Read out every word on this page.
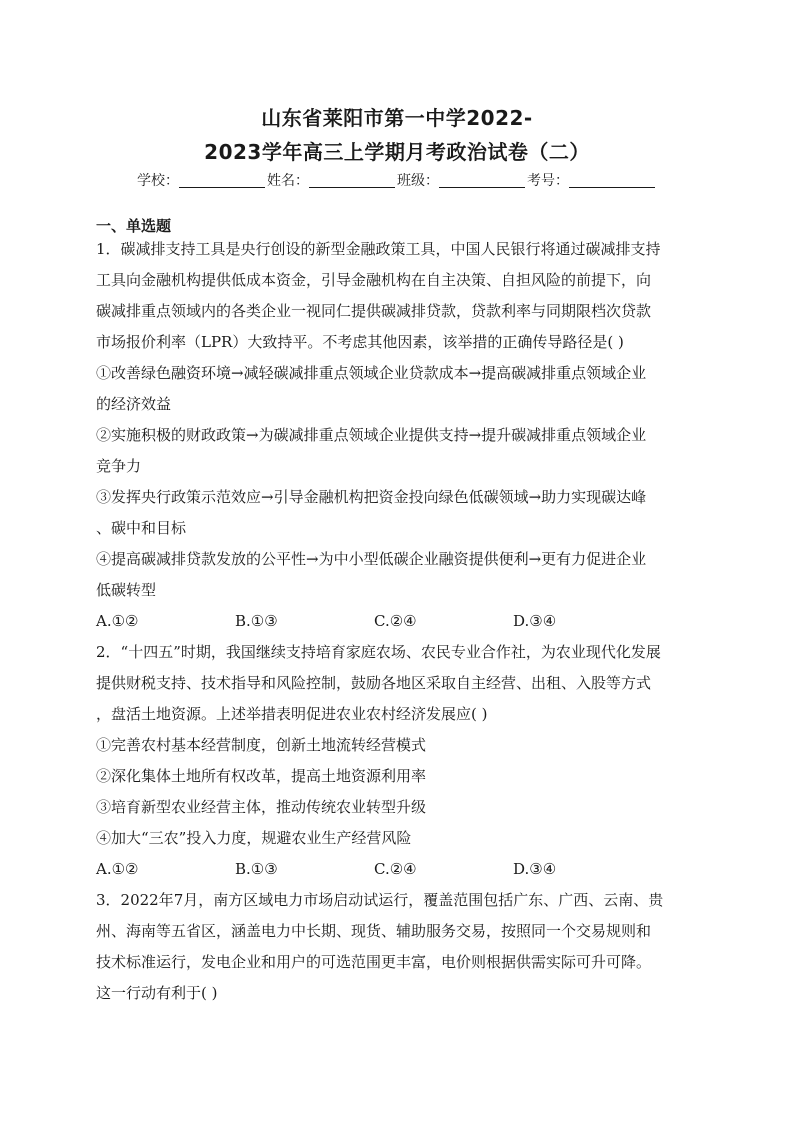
山东省莱阳市第一中学2022-
2023学年高三上学期月考政治试卷（二）
学校：	姓名：	班级：	考号：
一、单选题
1．碳减排支持工具是央行创设的新型金融政策工具，中国人民银行将通过碳减排支持
工具向金融机构提供低成本资金，引导金融机构在自主决策、自担风险的前提下，向
碳减排重点领域内的各类企业一视同仁提供碳减排贷款，贷款利率与同期限档次贷款
市场报价利率（LPR）大致持平。不考虑其他因素，该举措的正确传导路径是( )
①改善绿色融资环境→减轻碳减排重点领域企业贷款成本→提高碳减排重点领域企业
的经济效益
②实施积极的财政政策→为碳减排重点领域企业提供支持→提升碳减排重点领域企业
竞争力
③发挥央行政策示范效应→引导金融机构把资金投向绿色低碳领域→助力实现碳达峰
、碳中和目标
④提高碳减排贷款发放的公平性→为中小型低碳企业融资提供便利→更有力促进企业
低碳转型
A.①②	B.①③	C.②④	D.③④
2．“十四五”时期，我国继续支持培育家庭农场、农民专业合作社，为农业现代化发展
提供财税支持、技术指导和风险控制，鼓励各地区采取自主经营、出租、入股等方式
，盘活土地资源。上述举措表明促进农业农村经济发展应( )
①完善农村基本经营制度，创新土地流转经营模式
②深化集体土地所有权改革，提高土地资源利用率
③培育新型农业经营主体，推动传统农业转型升级
④加大“三农”投入力度，规避农业生产经营风险
A.①②	B.①③	C.②④	D.③④
3．2022年7月，南方区域电力市场启动试运行，覆盖范围包括广东、广西、云南、贵
州、海南等五省区，涵盖电力中长期、现货、辅助服务交易，按照同一个交易规则和
技术标准运行，发电企业和用户的可选范围更丰富，电价则根据供需实际可升可降。
这一行动有利于( )
